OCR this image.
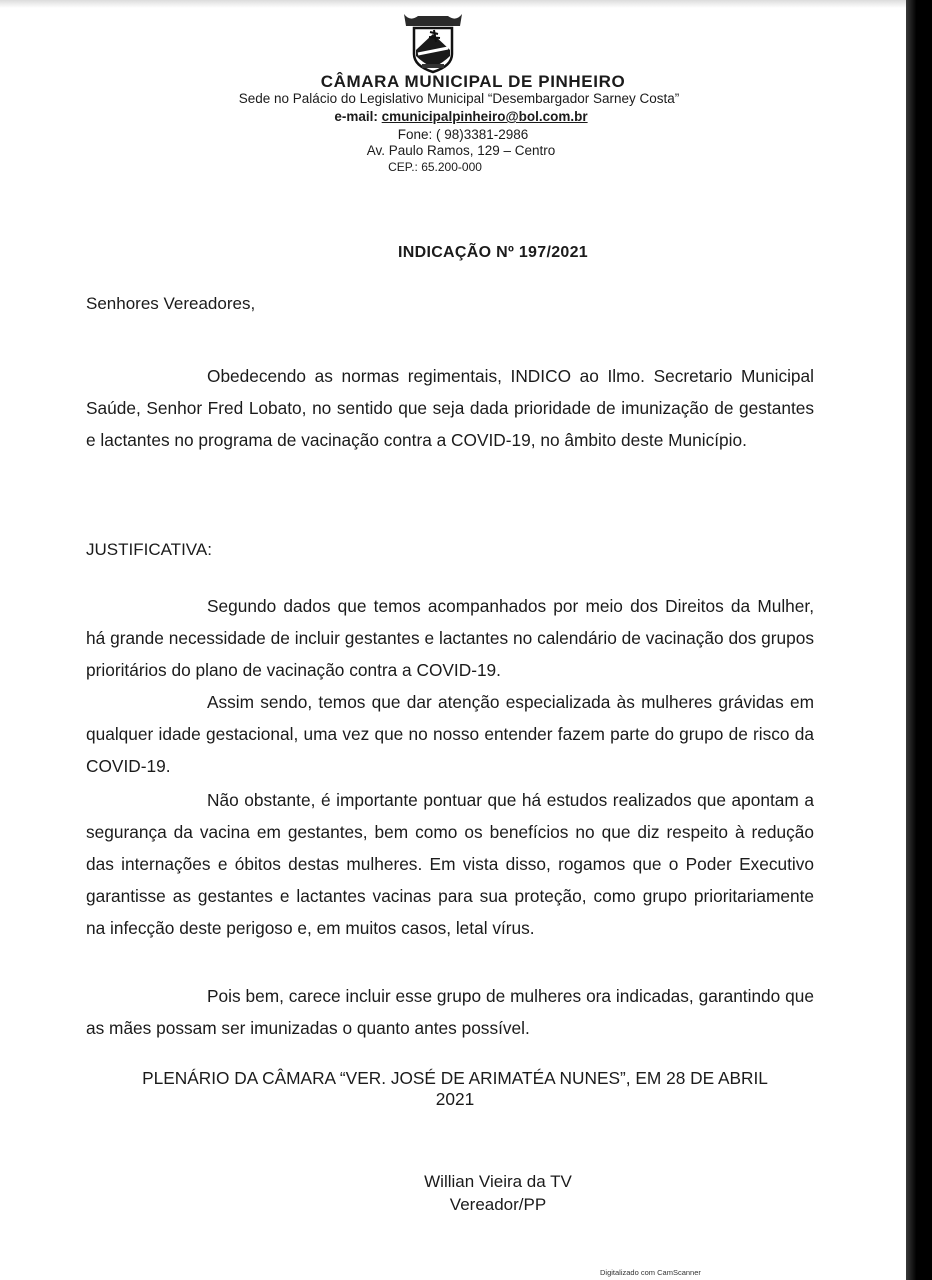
CÂMARA MUNICIPAL DE PINHEIRO
Sede no Palácio do Legislativo Municipal “Desembargador Sarney Costa”
e-mail: cmunicipalpinheiro@bol.com.br
Fone: ( 98)3381-2986
Av. Paulo Ramos, 129 – Centro
CEP.: 65.200-000
INDICAÇÃO Nº 197/2021
Senhores Vereadores,

Obedecendo as normas regimentais, INDICO ao Ilmo. Secretario Municipal Saúde, Senhor Fred Lobato, no sentido que seja dada prioridade de imunização de gestantes e lactantes no programa de vacinação contra a COVID-19, no âmbito deste Município.

JUSTIFICATIVA:

Segundo dados que temos acompanhados por meio dos Direitos da Mulher, há grande necessidade de incluir gestantes e lactantes no calendário de vacinação dos grupos prioritários do plano de vacinação contra a COVID-19.

Assim sendo, temos que dar atenção especializada às mulheres grávidas em qualquer idade gestacional, uma vez que no nosso entender fazem parte do grupo de risco da COVID-19.

Não obstante, é importante pontuar que há estudos realizados que apontam a segurança da vacina em gestantes, bem como os benefícios no que diz respeito à redução das internações e óbitos destas mulheres. Em vista disso, rogamos que o Poder Executivo garantisse as gestantes e lactantes vacinas para sua proteção, como grupo prioritariamente na infecção deste perigoso e, em muitos casos, letal vírus.

Pois bem, carece incluir esse grupo de mulheres ora indicadas, garantindo que as mães possam ser imunizadas o quanto antes possível.

PLENÁRIO DA CÂMARA “VER. JOSÉ DE ARIMATÉA NUNES”, EM 28 DE ABRIL
2021
Willian Vieira da TV
Vereador/PP
Digitalizado com CamScanner
